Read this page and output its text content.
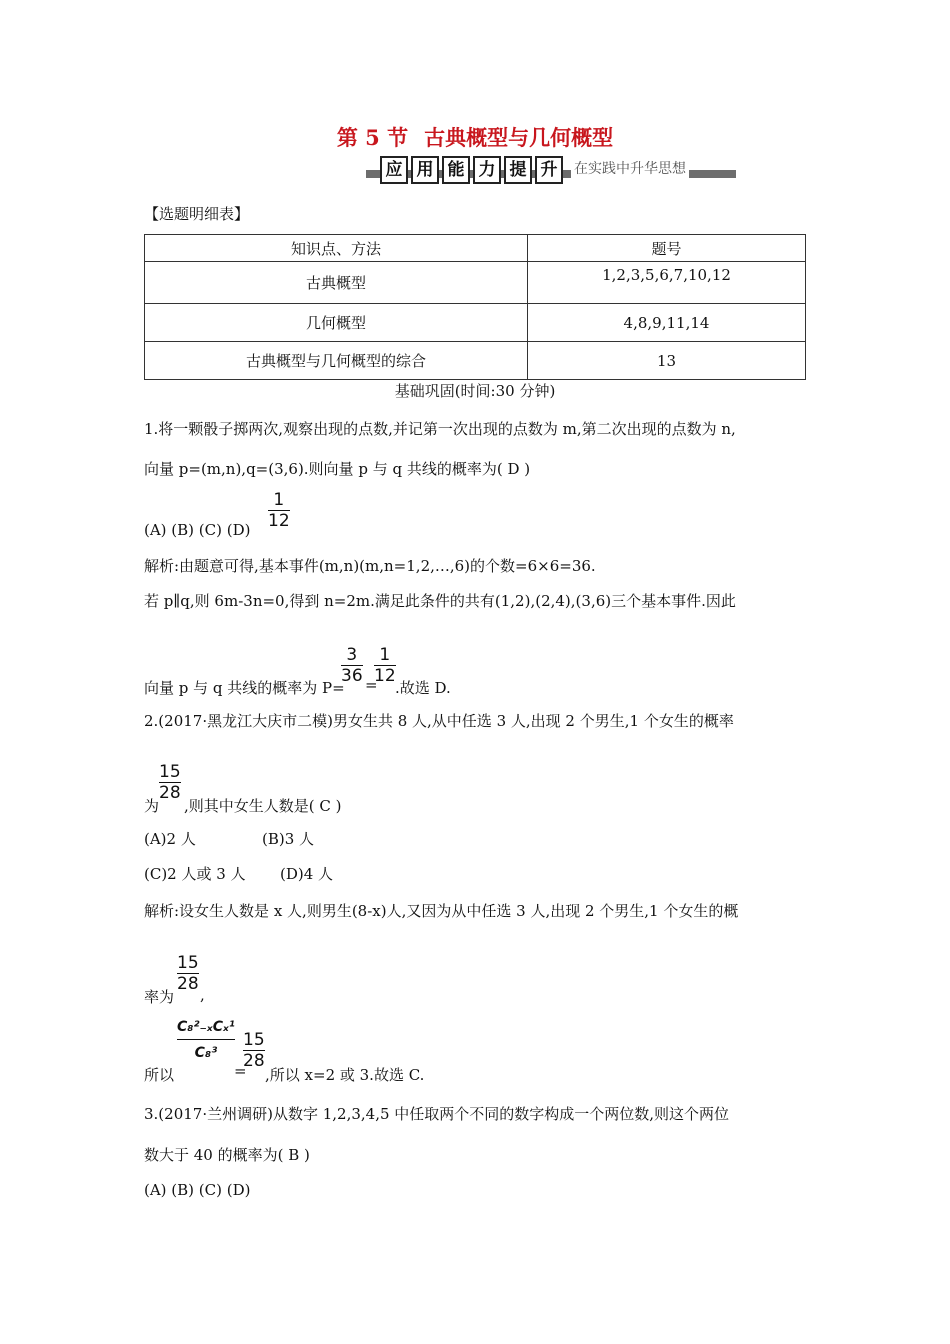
第 5 节 古典概型与几何概型
应 用 能 力 提 升	在实践中升华思想
【选题明细表】
知识点、方法	题号
古典概型	1,2,3,5,6,7,10,12
几何概型	4,8,9,11,14
古典概型与几何概型的综合	13
基础巩固(时间:30 分钟)
1.将一颗骰子掷两次,观察出现的点数,并记第一次出现的点数为 m,第二次出现的点数为 n,
向量 p=(m,n),q=(3,6).则向量 p 与 q 共线的概率为( D )
(A) (B) (C) $(D) \frac{1}{12}$
解析:由题意可得,基本事件(m,n)(m,n=1,2,…,6)的个数=6×6=36.
若 p∥q,则 6m-3n=0,得到 n=2m.满足此条件的共有(1,2),(2,4),(3,6)三个基本事件.因此
向量 p 与 q 共线的概率为 P=
$\frac{3}{36}$ =
$\frac{1}{12}$
.故选 D.
2.(2017·黑龙江大庆市二模)男女生共 8 人,从中任选 3 人,出现 2 个男生,1 个女生的概率
$\frac{15}{28}$
为 ,则其中女生人数是( C )
(A)2 人	(B)3 人
(C)2 人或 3 人 (D)4 人
解析:设女生人数是 x 人,则男生(8-x)人,又因为从中任选 3 人,出现 2 个男生,1 个女生的概
$\frac{15}{28}$
率为 ,
所以
C₈²₋ₓCₓ¹
C₈³
=
$\frac{15}{28}$
,所以 x=2 或 3.故选 C.
3.(2017·兰州调研)从数字 1,2,3,4,5 中任取两个不同的数字构成一个两位数,则这个两位
数大于 40 的概率为( B )
(A) (B) (C) (D)
